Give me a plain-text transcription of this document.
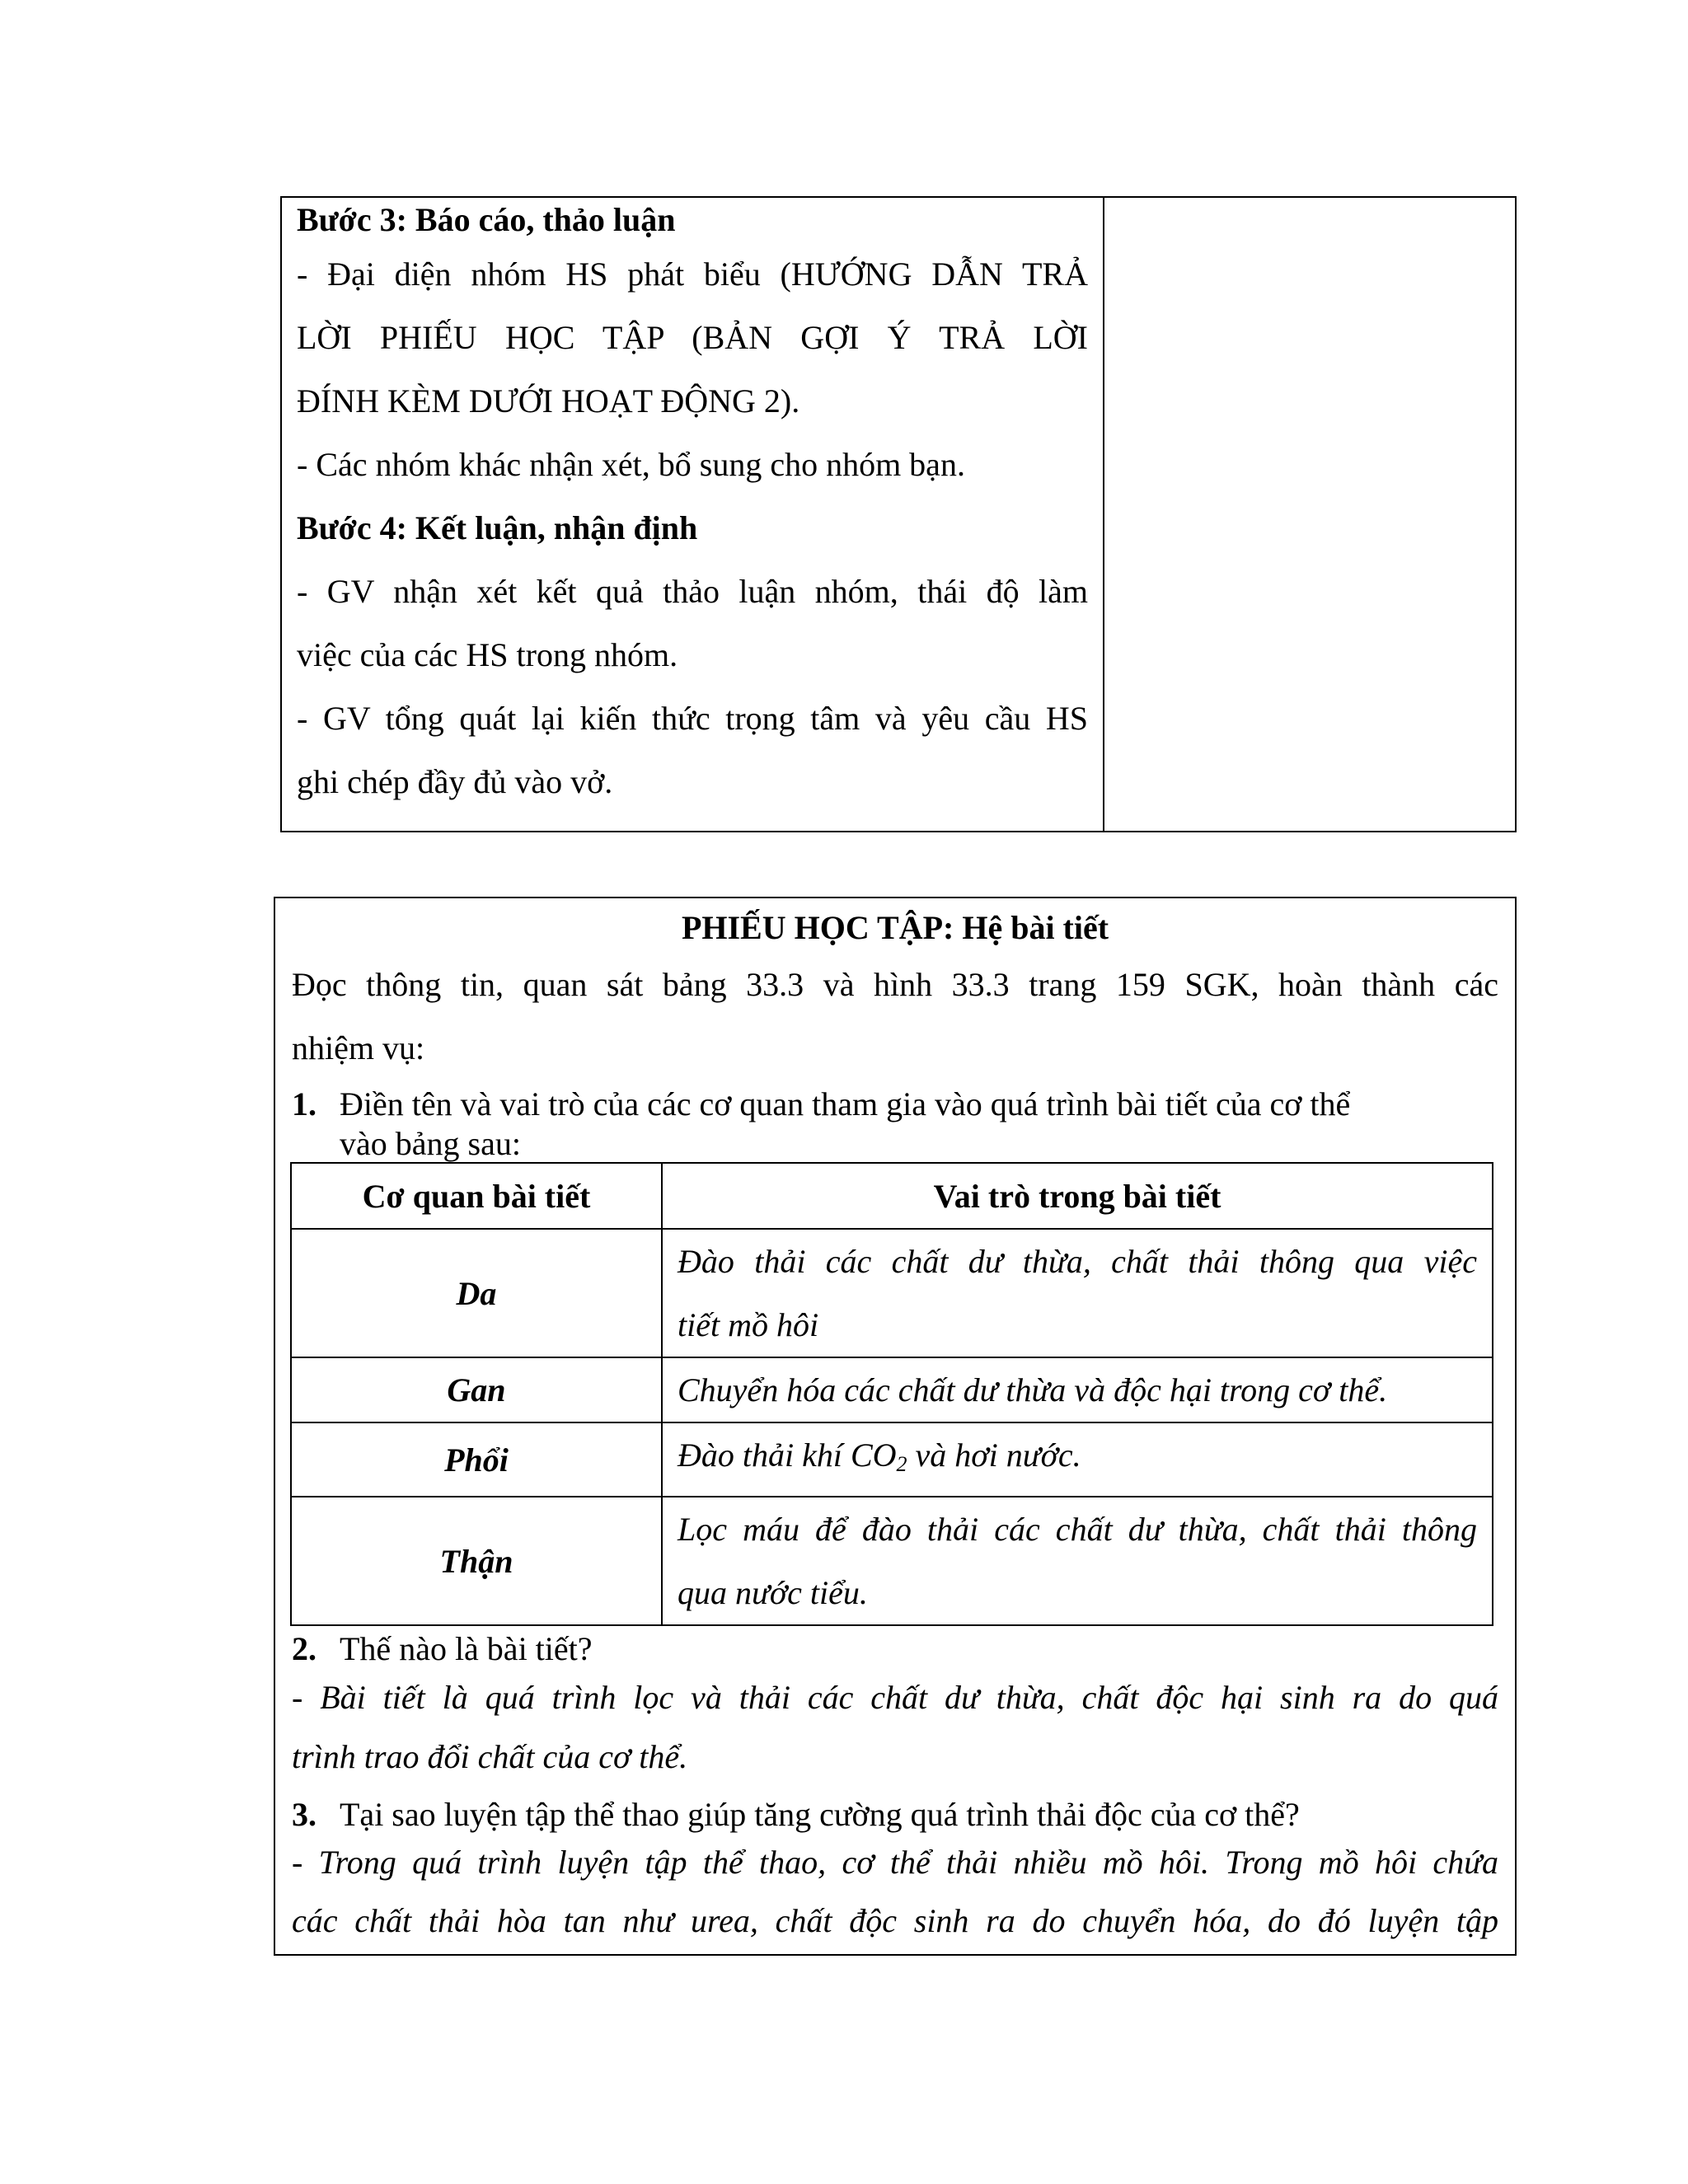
Bước 3: Báo cáo, thảo luận
- Đại diện nhóm HS phát biểu (HƯỚNG DẪN TRẢ
LỜI PHIẾU HỌC TẬP (BẢN GỢI Ý TRẢ LỜI
ĐÍNH KÈM DƯỚI HOẠT ĐỘNG 2).
- Các nhóm khác nhận xét, bổ sung cho nhóm bạn.
Bước 4: Kết luận, nhận định
- GV nhận xét kết quả thảo luận nhóm, thái độ làm
việc của các HS trong nhóm.
- GV tổng quát lại kiến thức trọng tâm và yêu cầu HS
ghi chép đầy đủ vào vở.
PHIẾU HỌC TẬP: Hệ bài tiết
Đọc thông tin, quan sát bảng 33.3 và hình 33.3 trang 159 SGK, hoàn thành các
nhiệm vụ:
1. Điền tên và vai trò của các cơ quan tham gia vào quá trình bài tiết của cơ thể
vào bảng sau:
Cơ quan bài tiết	Vai trò trong bài tiết
Da	Đào thải các chất dư thừa, chất thải thông qua việc
tiết mồ hôi

Gan	Chuyển hóa các chất dư thừa và độc hại trong cơ thể.

Phổi	Đào thải khí $CO_2$ và hơi nước.
Thận	Lọc máu để đào thải các chất dư thừa, chất thải thông
qua nước tiểu.
2. Thế nào là bài tiết?
- Bài tiết là quá trình lọc và thải các chất dư thừa, chất độc hại sinh ra do quá
trình trao đổi chất của cơ thể.
3. Tại sao luyện tập thể thao giúp tăng cường quá trình thải độc của cơ thể?
- Trong quá trình luyện tập thể thao, cơ thể thải nhiều mồ hôi. Trong mồ hôi chứa
các chất thải hòa tan như urea, chất độc sinh ra do chuyển hóa, do đó luyện tập
